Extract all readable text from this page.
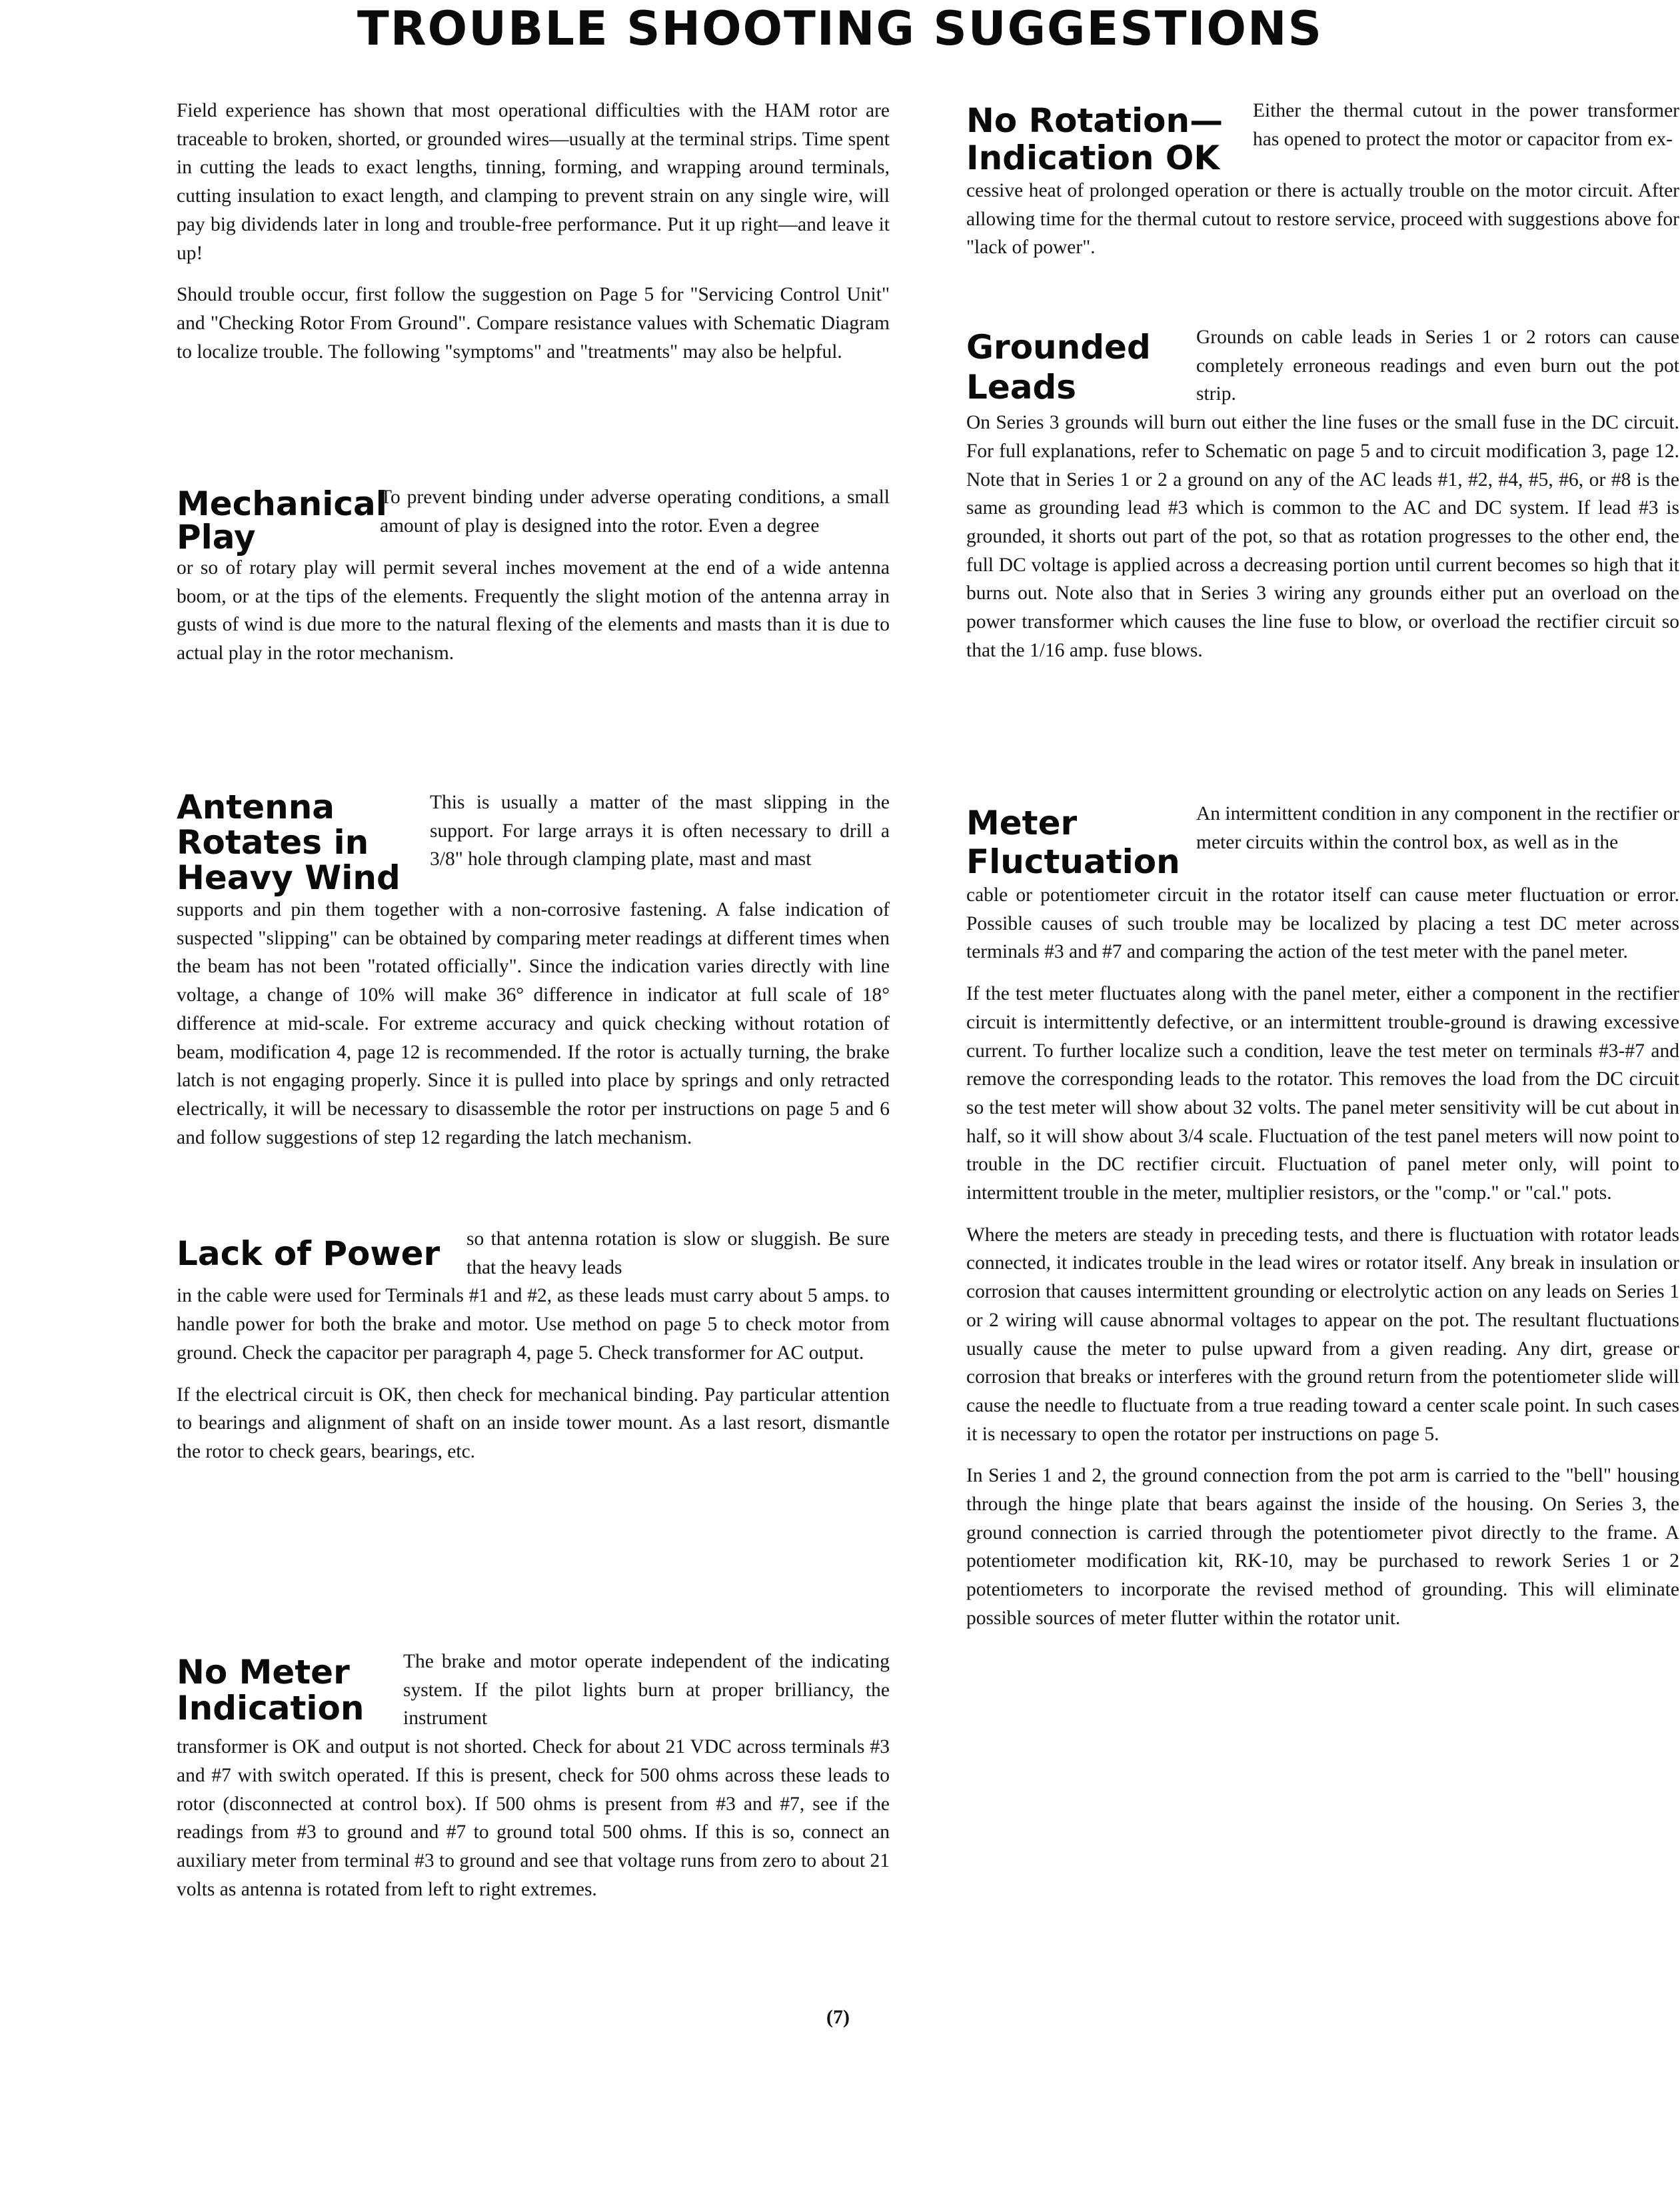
TROUBLE SHOOTING SUGGESTIONS

Field experience has shown that most operational difficulties with the HAM rotor are traceable to broken, shorted, or grounded wires—usually at the terminal strips. Time spent in cutting the leads to exact lengths, tinning, forming, and wrapping around terminals, cutting insulation to exact length, and clamping to prevent strain on any single wire, will pay big dividends later in long and trouble-free performance. Put it up right—and leave it up!

Should trouble occur, first follow the suggestion on Page 5 for "Servicing Control Unit" and "Checking Rotor From Ground". Compare resistance values with Schematic Diagram to localize trouble. The following "symptoms" and "treatments" may also be helpful.

Mechanical
Play

To prevent binding under adverse operating conditions, a small amount of play is designed into the rotor. Even a degree

or so of rotary play will permit several inches movement at the end of a wide antenna boom, or at the tips of the elements. Frequently the slight motion of the antenna array in gusts of wind is due more to the natural flexing of the elements and masts than it is due to actual play in the rotor mechanism.

Antenna
Rotates in
Heavy Wind

This is usually a matter of the mast slipping in the support. For large arrays it is often necessary to drill a 3/8" hole through clamping plate, mast and mast

supports and pin them together with a non-corrosive fastening. A false indication of suspected "slipping" can be obtained by comparing meter readings at different times when the beam has not been "rotated officially". Since the indication varies directly with line voltage, a change of 10% will make 36° difference in indicator at full scale of 18° difference at mid-scale. For extreme accuracy and quick checking without rotation of beam, modification 4, page 12 is recommended. If the rotor is actually turning, the brake latch is not engaging properly. Since it is pulled into place by springs and only retracted electrically, it will be necessary to disassemble the rotor per instructions on page 5 and 6 and follow suggestions of step 12 regarding the latch mechanism.

Lack of Power	so that antenna rotation is slow or sluggish. Be sure that the heavy leads

in the cable were used for Terminals #1 and #2, as these leads must carry about 5 amps. to handle power for both the brake and motor. Use method on page 5 to check motor from ground. Check the capacitor per paragraph 4, page 5. Check transformer for AC output.

If the electrical circuit is OK, then check for mechanical binding. Pay particular attention to bearings and alignment of shaft on an inside tower mount. As a last resort, dismantle the rotor to check gears, bearings, etc.

No Meter
Indication

The brake and motor operate independent of the indicating system. If the pilot lights burn at proper brilliancy, the instrument

transformer is OK and output is not shorted. Check for about 21 VDC across terminals #3 and #7 with switch operated. If this is present, check for 500 ohms across these leads to rotor (disconnected at control box). If 500 ohms is present from #3 and #7, see if the readings from #3 to ground and #7 to ground total 500 ohms. If this is so, connect an auxiliary meter from terminal #3 to ground and see that voltage runs from zero to about 21 volts as antenna is rotated from left to right extremes.

No Rotation—
Indication OK

Either the thermal cutout in the power transformer has opened to protect the motor or capacitor from ex-

cessive heat of prolonged operation or there is actually trouble on the motor circuit. After allowing time for the thermal cutout to restore service, proceed with suggestions above for "lack of power".

Grounded
Leads

Grounds on cable leads in Series 1 or 2 rotors can cause completely erroneous readings and even burn out the pot strip.

On Series 3 grounds will burn out either the line fuses or the small fuse in the DC circuit. For full explanations, refer to Schematic on page 5 and to circuit modification 3, page 12. Note that in Series 1 or 2 a ground on any of the AC leads #1, #2, #4, #5, #6, or #8 is the same as grounding lead #3 which is common to the AC and DC system. If lead #3 is grounded, it shorts out part of the pot, so that as rotation progresses to the other end, the full DC voltage is applied across a decreasing portion until current becomes so high that it burns out. Note also that in Series 3 wiring any grounds either put an overload on the power transformer which causes the line fuse to blow, or overload the rectifier circuit so that the 1/16 amp. fuse blows.

Meter
Fluctuation

An intermittent condition in any component in the rectifier or meter circuits within the control box, as well as in the

cable or potentiometer circuit in the rotator itself can cause meter fluctuation or error. Possible causes of such trouble may be localized by placing a test DC meter across terminals #3 and #7 and comparing the action of the test meter with the panel meter.

If the test meter fluctuates along with the panel meter, either a component in the rectifier circuit is intermittently defective, or an intermittent trouble-ground is drawing excessive current. To further localize such a condition, leave the test meter on terminals #3-#7 and remove the corresponding leads to the rotator. This removes the load from the DC circuit so the test meter will show about 32 volts. The panel meter sensitivity will be cut about in half, so it will show about 3/4 scale. Fluctuation of the test panel meters will now point to trouble in the DC rectifier circuit. Fluctuation of panel meter only, will point to intermittent trouble in the meter, multiplier resistors, or the "comp." or "cal." pots.

Where the meters are steady in preceding tests, and there is fluctuation with rotator leads connected, it indicates trouble in the lead wires or rotator itself. Any break in insulation or corrosion that causes intermittent grounding or electrolytic action on any leads on Series 1 or 2 wiring will cause abnormal voltages to appear on the pot. The resultant fluctuations usually cause the meter to pulse upward from a given reading. Any dirt, grease or corrosion that breaks or interferes with the ground return from the potentiometer slide will cause the needle to fluctuate from a true reading toward a center scale point. In such cases it is necessary to open the rotator per instructions on page 5.

In Series 1 and 2, the ground connection from the pot arm is carried to the "bell" housing through the hinge plate that bears against the inside of the housing. On Series 3, the ground connection is carried through the potentiometer pivot directly to the frame. A potentiometer modification kit, RK-10, may be purchased to rework Series 1 or 2 potentiometers to incorporate the revised method of grounding. This will eliminate possible sources of meter flutter within the rotator unit.

(7)
